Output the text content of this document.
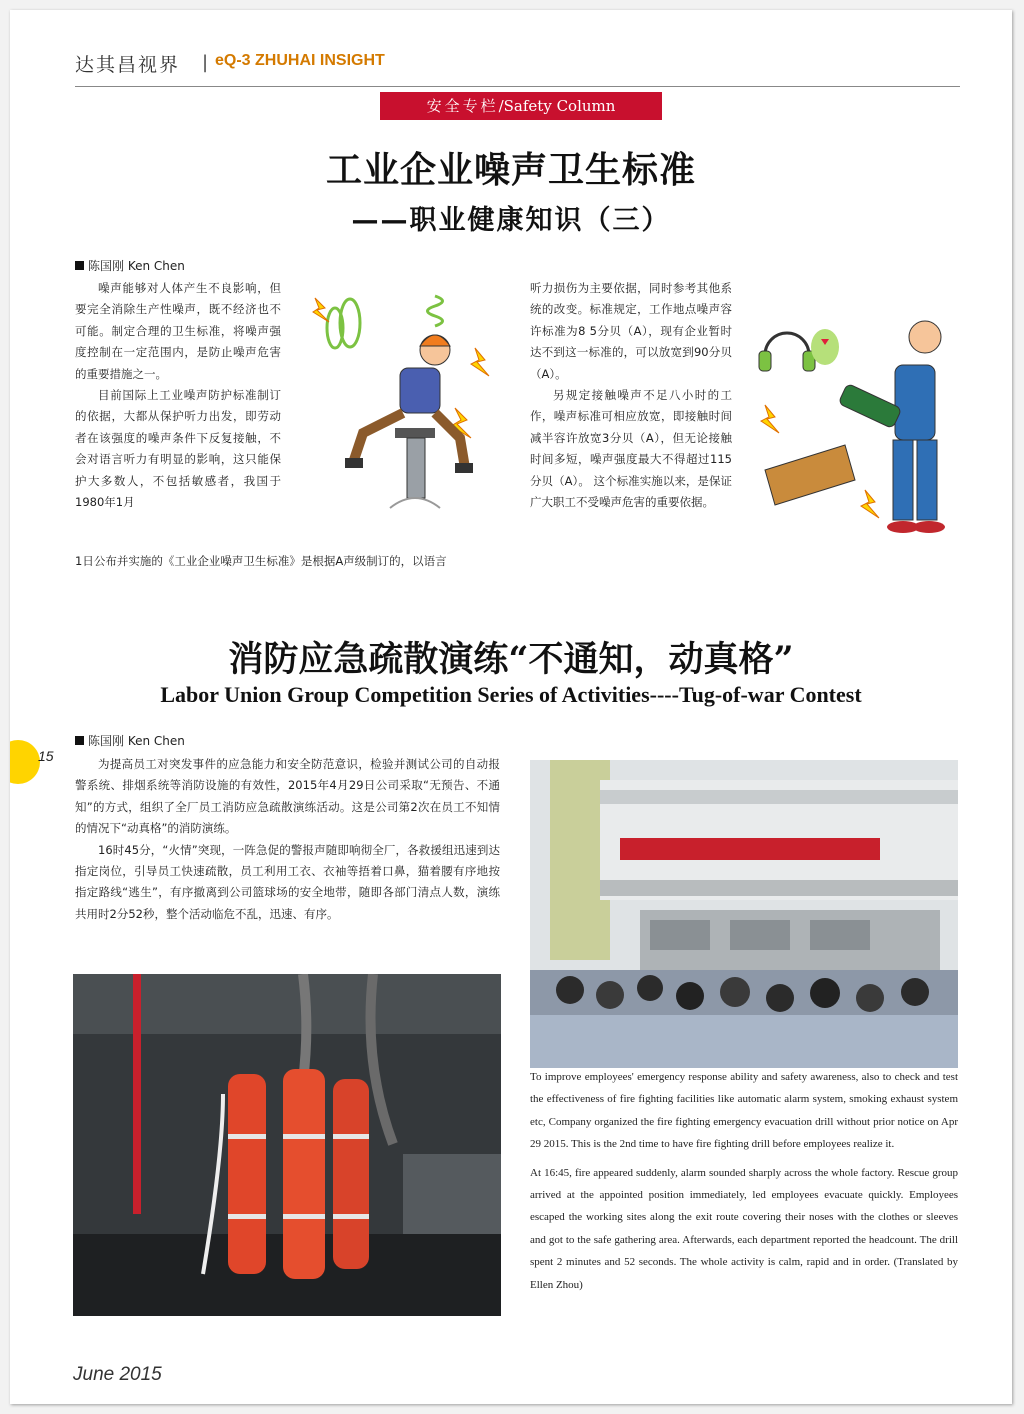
达其昌视界 | eQ-3 ZHUHAI INSIGHT
安全专栏/Safety Column
工业企业噪声卫生标准
——职业健康知识（三）
陈国刚 Ken Chen

噪声能够对人体产生不良影响，但要完全消除生产性噪声，既不经济也不可能。制定合理的卫生标准，将噪声强度控制在一定范围内，是防止噪声危害的重要措施之一。

目前国际上工业噪声防护标准制订的依据，大都从保护听力出发，即劳动者在该强度的噪声条件下反复接触，不会对语言听力有明显的影响，这只能保护大多数人，不包括敏感者，我国于1980年1月

1日公布并实施的《工业企业噪声卫生标准》是根据A声级制订的，以语言

听力损伤为主要依据，同时参考其他系统的改变。标准规定，工作地点噪声容许标准为8 5分贝（A），现有企业暂时达不到这一标准的，可以放宽到90分贝（A）。

另规定接触噪声不足八小时的工作，噪声标准可相应放宽，即接触时间减半容许放宽3分贝（A），但无论接触时间多短，噪声强度最大不得超过115分贝（A）。 这个标准实施以来，是保证广大职工不受噪声危害的重要依据。

消防应急疏散演练“不通知，动真格”
Labor Union Group Competition Series of Activities----Tug-of-war Contest
15
陈国刚 Ken Chen

为提高员工对突发事件的应急能力和安全防范意识，检验并测试公司的自动报警系统、排烟系统等消防设施的有效性，2015年4月29日公司采取“无预告、不通知”的方式，组织了全厂员工消防应急疏散演练活动。这是公司第2次在员工不知情的情况下“动真格”的消防演练。

16时45分，“火情”突现，一阵急促的警报声随即响彻全厂，各救援组迅速到达指定岗位，引导员工快速疏散，员工利用工衣、衣袖等捂着口鼻，猫着腰有序地按指定路线“逃生”，有序撤离到公司篮球场的安全地带，随即各部门清点人数，演练共用时2分52秒，整个活动临危不乱，迅速、有序。

To improve employees' emergency response ability and safety awareness, also to check and test the effectiveness of fire fighting facilities like automatic alarm system, smoking exhaust system etc, Company organized the fire fighting emergency evacuation drill without prior notice on Apr 29 2015. This is the 2nd time to have fire fighting drill before employees realize it.

At 16:45, fire appeared suddenly, alarm sounded sharply across the whole factory. Rescue group arrived at the appointed position immediately, led employees evacuate quickly. Employees escaped the working sites along the exit route covering their noses with the clothes or sleeves and got to the safe gathering area. Afterwards, each department reported the headcount. The drill spent 2 minutes and 52 seconds. The whole activity is calm, rapid and in order. (Translated by Ellen Zhou)

June 2015
